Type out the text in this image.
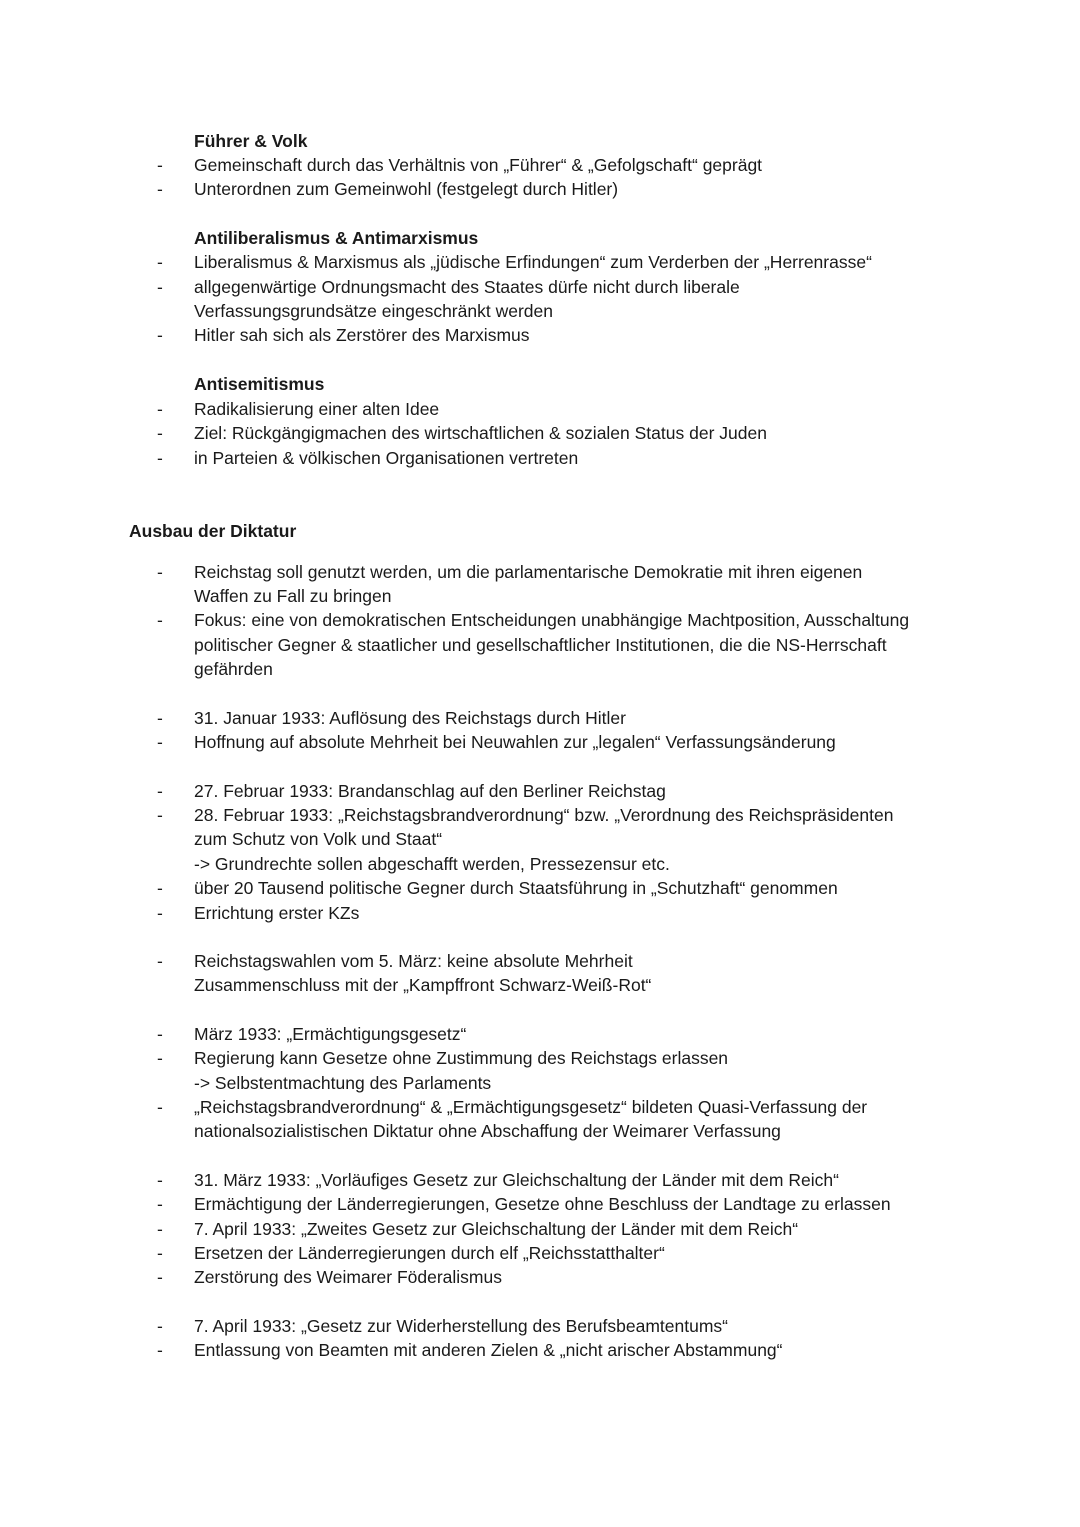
Führer & Volk
- Gemeinschaft durch das Verhältnis von „Führer“ & „Gefolgschaft“ geprägt
- Unterordnen zum Gemeinwohl (festgelegt durch Hitler)
Antiliberalismus & Antimarxismus
- Liberalismus & Marxismus als „jüdische Erfindungen“ zum Verderben der „Herrenrasse“
- allgegenwärtige Ordnungsmacht des Staates dürfe nicht durch liberale
Verfassungsgrundsätze eingeschränkt werden
- Hitler sah sich als Zerstörer des Marxismus
Antisemitismus
- Radikalisierung einer alten Idee
- Ziel: Rückgängigmachen des wirtschaftlichen & sozialen Status der Juden
- in Parteien & völkischen Organisationen vertreten
Ausbau der Diktatur
- Reichstag soll genutzt werden, um die parlamentarische Demokratie mit ihren eigenen
Waffen zu Fall zu bringen
- Fokus: eine von demokratischen Entscheidungen unabhängige Machtposition, Ausschaltung
politischer Gegner & staatlicher und gesellschaftlicher Institutionen, die die NS-Herrschaft
gefährden
- 31. Januar 1933: Auflösung des Reichstags durch Hitler
- Hoffnung auf absolute Mehrheit bei Neuwahlen zur „legalen“ Verfassungsänderung
- 27. Februar 1933: Brandanschlag auf den Berliner Reichstag
- 28. Februar 1933: „Reichstagsbrandverordnung“ bzw. „Verordnung des Reichspräsidenten
zum Schutz von Volk und Staat“
-> Grundrechte sollen abgeschafft werden, Pressezensur etc.
- über 20 Tausend politische Gegner durch Staatsführung in „Schutzhaft“ genommen
- Errichtung erster KZs
- Reichstagswahlen vom 5. März: keine absolute Mehrheit
Zusammenschluss mit der „Kampffront Schwarz-Weiß-Rot“
- März 1933: „Ermächtigungsgesetz“
- Regierung kann Gesetze ohne Zustimmung des Reichstags erlassen
-> Selbstentmachtung des Parlaments
- „Reichstagsbrandverordnung“ & „Ermächtigungsgesetz“ bildeten Quasi-Verfassung der
nationalsozialistischen Diktatur ohne Abschaffung der Weimarer Verfassung
- 31. März 1933: „Vorläufiges Gesetz zur Gleichschaltung der Länder mit dem Reich“
- Ermächtigung der Länderregierungen, Gesetze ohne Beschluss der Landtage zu erlassen
- 7. April 1933: „Zweites Gesetz zur Gleichschaltung der Länder mit dem Reich“
- Ersetzen der Länderregierungen durch elf „Reichsstatthalter“
- Zerstörung des Weimarer Föderalismus
- 7. April 1933: „Gesetz zur Widerherstellung des Berufsbeamtentums“
- Entlassung von Beamten mit anderen Zielen & „nicht arischer Abstammung“
